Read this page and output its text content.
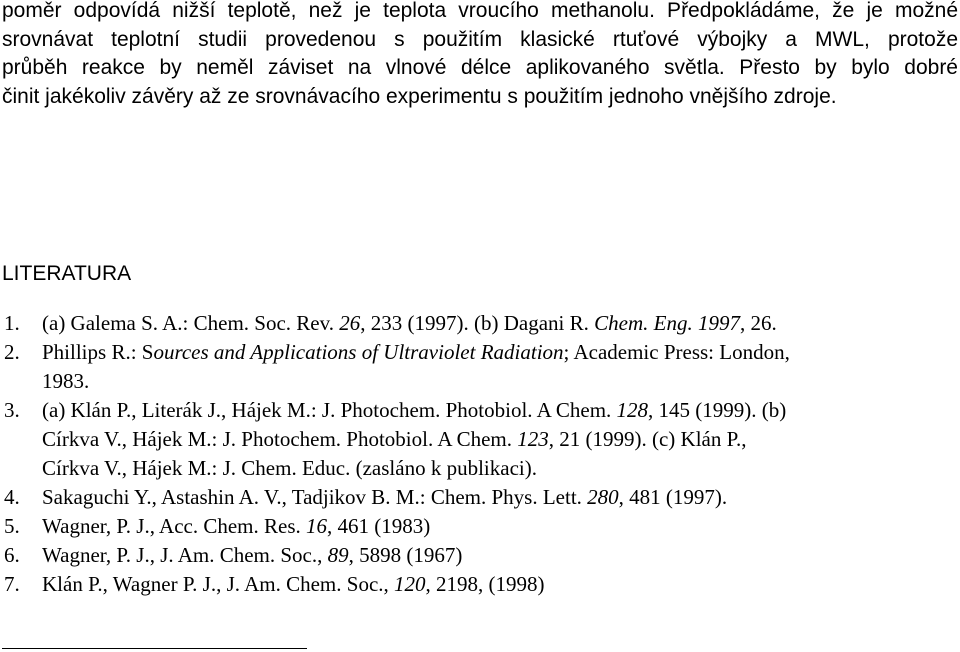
poměr odpovídá nižší teplotě, než je teplota vroucího methanolu. Předpokládáme, že je možné
srovnávat teplotní studii provedenou s použitím klasické rtuťové výbojky a MWL, protože
průběh reakce by neměl záviset na vlnové délce aplikovaného světla. Přesto by bylo dobré
činit jakékoliv závěry až ze srovnávacího experimentu s použitím jednoho vnějšího zdroje.

LITERATURA
1. (a) Galema S. A.: Chem. Soc. Rev. 26, 233 (1997). (b) Dagani R. Chem. Eng. 1997, 26.
2. Phillips R.: Sources and Applications of Ultraviolet Radiation; Academic Press: London,
1983.
3. (a) Klán P., Literák J., Hájek M.: J. Photochem. Photobiol. A Chem. 128, 145 (1999). (b)
Církva V., Hájek M.: J. Photochem. Photobiol. A Chem. 123, 21 (1999). (c) Klán P.,
Církva V., Hájek M.: J. Chem. Educ. (zasláno k publikaci).
4. Sakaguchi Y., Astashin A. V., Tadjikov B. M.: Chem. Phys. Lett. 280, 481 (1997).
5. Wagner, P. J., Acc. Chem. Res. 16, 461 (1983)
6. Wagner, P. J., J. Am. Chem. Soc., 89, 5898 (1967)
7. Klán P., Wagner P. J., J. Am. Chem. Soc., 120, 2198, (1998)
